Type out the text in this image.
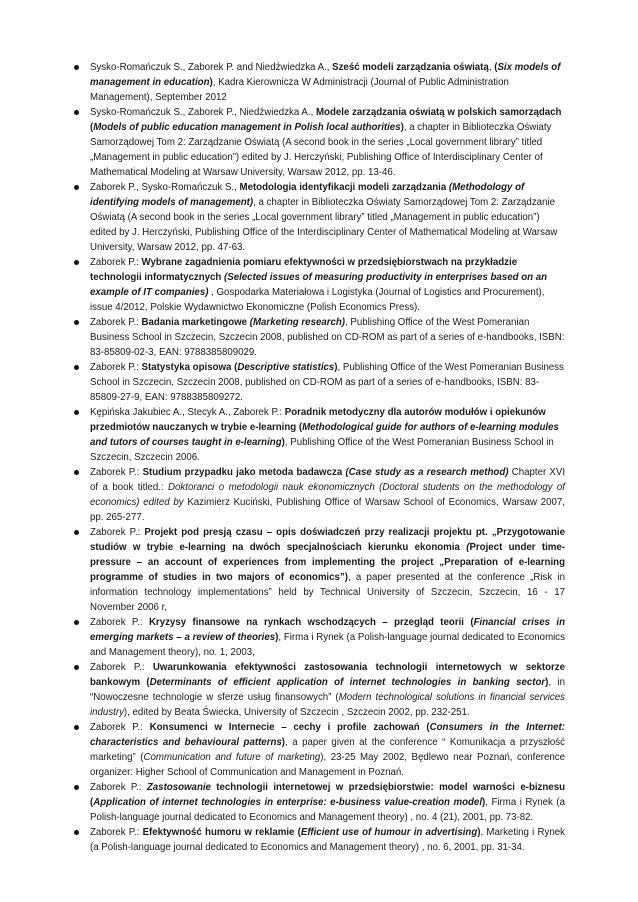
Sysko-Romańczuk S., Zaborek P. and Niedźwiedzka A., Sześć modeli zarządzania oświatą, (Six models of management in education), Kadra Kierownicza W Administracji (Journal of Public Administration Management), September 2012
Sysko-Romańczuk S., Zaborek P., Niedźwiedzka A., Modele zarządzania oświatą w polskich samorządach (Models of public education management in Polish local authorities), a chapter in Biblioteczka Oświaty Samorządowej Tom 2: Zarządzanie Oświatą (A second book in the series „Local government library” titled „Management in public education”) edited by J. Herczyński, Publishing Office of Interdisciplinary Center of Mathematical Modeling at Warsaw University, Warsaw 2012, pp. 13-46.
Zaborek P., Sysko-Romańczuk S., Metodologia identyfikacji modeli zarządzania (Methodology of identifying models of management), a chapter in Biblioteczka Oświaty Samorządowej Tom 2: Zarządzanie Oświatą (A second book in the series „Local government library” titled „Management in public education”) edited by J. Herczyński, Publishing Office of the Interdisciplinary Center of Mathematical Modeling at Warsaw University, Warsaw 2012, pp. 47-63.
Zaborek P.: Wybrane zagadnienia pomiaru efektywności w przedsiębiorstwach na przykładzie technologii informatycznych (Selected issues of measuring productivity in enterprises based on an example of IT companies) , Gospodarka Materiałowa i Logistyka (Journal of Logistics and Procurement), issue 4/2012, Polskie Wydawnictwo Ekonomiczne (Polish Economics Press).
Zaborek P.: Badania marketingowe (Marketing research), Publishing Office of the West Pomeranian Business School in Szczecin, Szczecin 2008, published on CD-ROM as part of a series of e-handbooks, ISBN: 83-85809-02-3, EAN: 9788385809029.
Zaborek P.: Statystyka opisowa (Descriptive statistics), Publishing Office of the West Pomeranian Business School in Szczecin, Szczecin 2008, published on CD-ROM as part of a series of e-handbooks, ISBN: 83-85809-27-9, EAN: 9788385809272.
Kępińska Jakubiec A., Stecyk A., Zaborek P.: Poradnik metodyczny dla autorów modułów i opiekunów przedmiotów nauczanych w trybie e-learning (Methodological guide for authors of e-learning modules and tutors of courses taught in e-learning), Publishing Office of the West Pomeranian Business School in Szczecin, Szczecin 2006.
Zaborek P.: Studium przypadku jako metoda badawcza (Case study as a research method) Chapter XVI of a book titled.: Doktoranci o metodologii nauk ekonomicznych (Doctoral students on the methodology of economics) edited by Kazimierz Kuciński, Publishing Office of Warsaw School of Economics, Warsaw 2007, pp. 265-277.
Zaborek P.: Projekt pod presją czasu – opis doświadczeń przy realizacji projektu pt. „Przygotowanie studiów w trybie e-learning na dwóch specjalnościach kierunku ekonomia (Project under time-pressure – an account of experiences from implementing the project „Preparation of e-learning programme of studies in two majors of economics”), a paper presented at the conference „Risk in information technology implementations” held by Technical University of Szczecin, Szczecin, 16 - 17 November 2006 r,
Zaborek P.: Kryzysy finansowe na rynkach wschodzących – przegląd teorii (Financial crises in emerging markets – a review of theories), Firma i Rynek (a Polish-language journal dedicated to Economics and Management theory), no. 1, 2003,
Zaborek P.: Uwarunkowania efektywności zastosowania technologii internetowych w sektorze bankowym (Determinants of efficient application of internet technologies in banking sector), in “Nowoczesne technologie w sferze usług finansowych” (Modern technological solutions in financial services industry), edited by Beata Świecka, University of Szczecin , Szczecin 2002, pp. 232-251.
Zaborek P.: Konsumenci w Internecie – cechy i profile zachowań (Consumers in the Internet: characteristics and behavioural patterns), a paper given at the conference “ Komunikacja a przyszłość marketing” (Communication and future of marketing), 23-25 May 2002, Będlewo near Poznań, conference organizer: Higher School of Communication and Management in Poznań.
Zaborek P.: Zastosowanie technologii internetowej w przedsiębiorstwie: model warności e-biznesu (Application of internet technologies in enterprise: e-business value-creation model), Firma i Rynek (a Polish-language journal dedicated to Economics and Management theory) , no. 4 (21), 2001, pp. 73-82.
Zaborek P.: Efektywność humoru w reklamie (Efficient use of humour in advertising), Marketing i Rynek (a Polish-language journal dedicated to Economics and Management theory) , no. 6, 2001, pp. 31-34.
